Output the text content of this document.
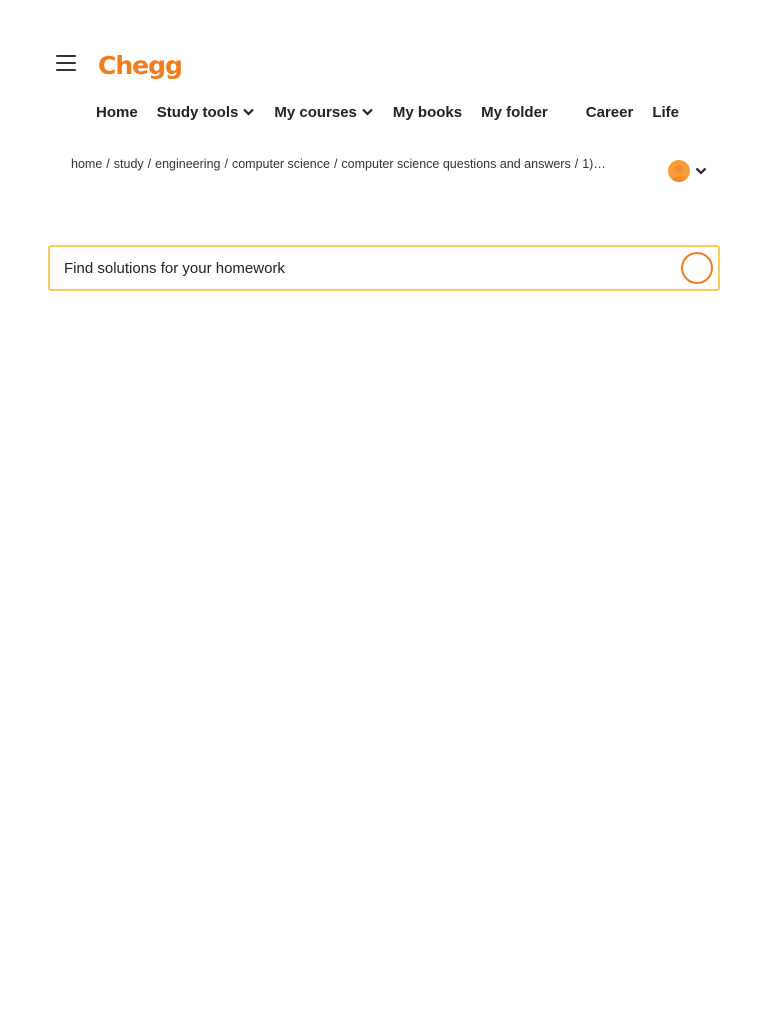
Chegg
Home Study tools My courses My books My folder	Career Life
home / study / engineering / computer science / computer science questions and answers / 1)…
Find solutions for your homework
